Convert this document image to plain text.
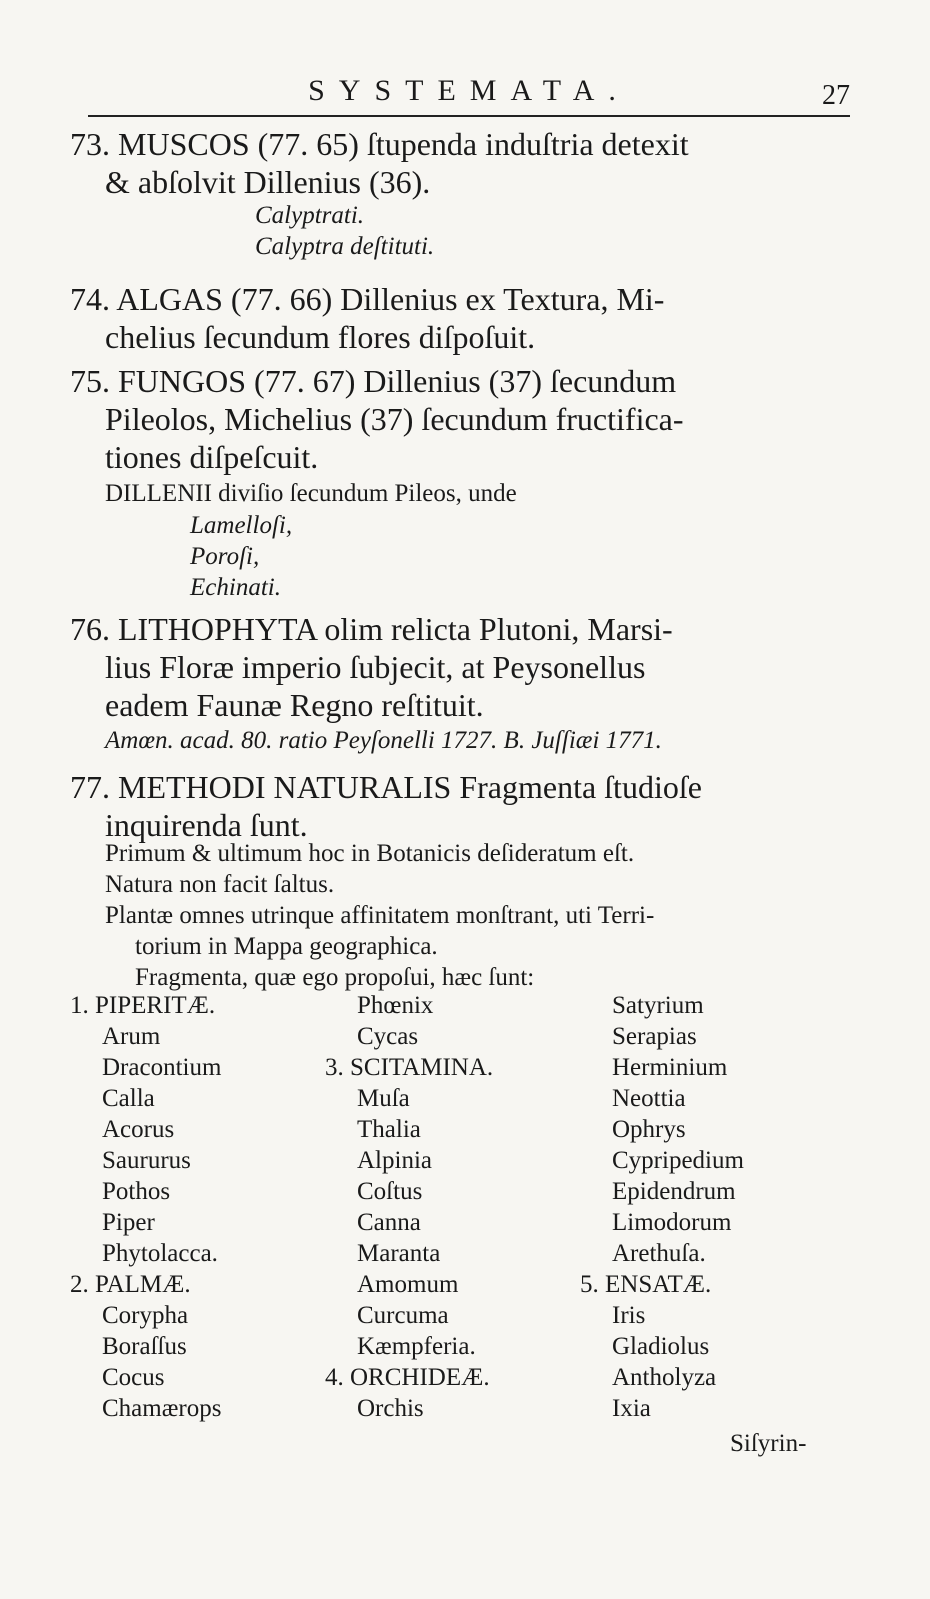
SYSTEMATA.	27
73. MUSCOS (77. 65) ſtupenda induſtria detexit
& abſolvit Dillenius (36).
Calyptrati.
Calyptra deſtituti.
74. ALGAS (77. 66) Dillenius ex Textura, Mi-
chelius ſecundum flores diſpoſuit.
75. FUNGOS (77. 67) Dillenius (37) ſecundum
Pileolos, Michelius (37) ſecundum fructifica-
tiones diſpeſcuit.
DILLENII diviſio ſecundum Pileos, unde
Lamelloſi,
Poroſi,
Echinati.
76. LITHOPHYTA olim relicta Plutoni, Marsi-
lius Floræ imperio ſubjecit, at Peysonellus
eadem Faunæ Regno reſtituit.
Amœn. acad. 80. ratio Peyſonelli 1727. B. Juſſiæi 1771.
77. METHODI NATURALIS Fragmenta ſtudioſe
inquirenda ſunt.
Primum & ultimum hoc in Botanicis deſideratum eſt.
Natura non facit ſaltus.
Plantæ omnes utrinque affinitatem monſtrant, uti Terri-
torium in Mappa geographica.
Fragmenta, quæ ego propoſui, hæc ſunt:
1. PIPERITÆ.
Arum
Dracontium
Calla
Acorus
Saururus
Pothos
Piper
Phytolacca.
2. PALMÆ.
Corypha
Boraſſus
Cocus
Chamærops
Phœnix
Cycas
3. SCITAMINA.
Muſa
Thalia
Alpinia
Coſtus
Canna
Maranta
Amomum
Curcuma
Kæmpferia.
4. ORCHIDEÆ.
Orchis
Satyrium
Serapias
Herminium
Neottia
Ophrys
Cypripedium
Epidendrum
Limodorum
Arethuſa.
5. ENSATÆ.
Iris
Gladiolus
Antholyza
Ixia
Siſyrin-
